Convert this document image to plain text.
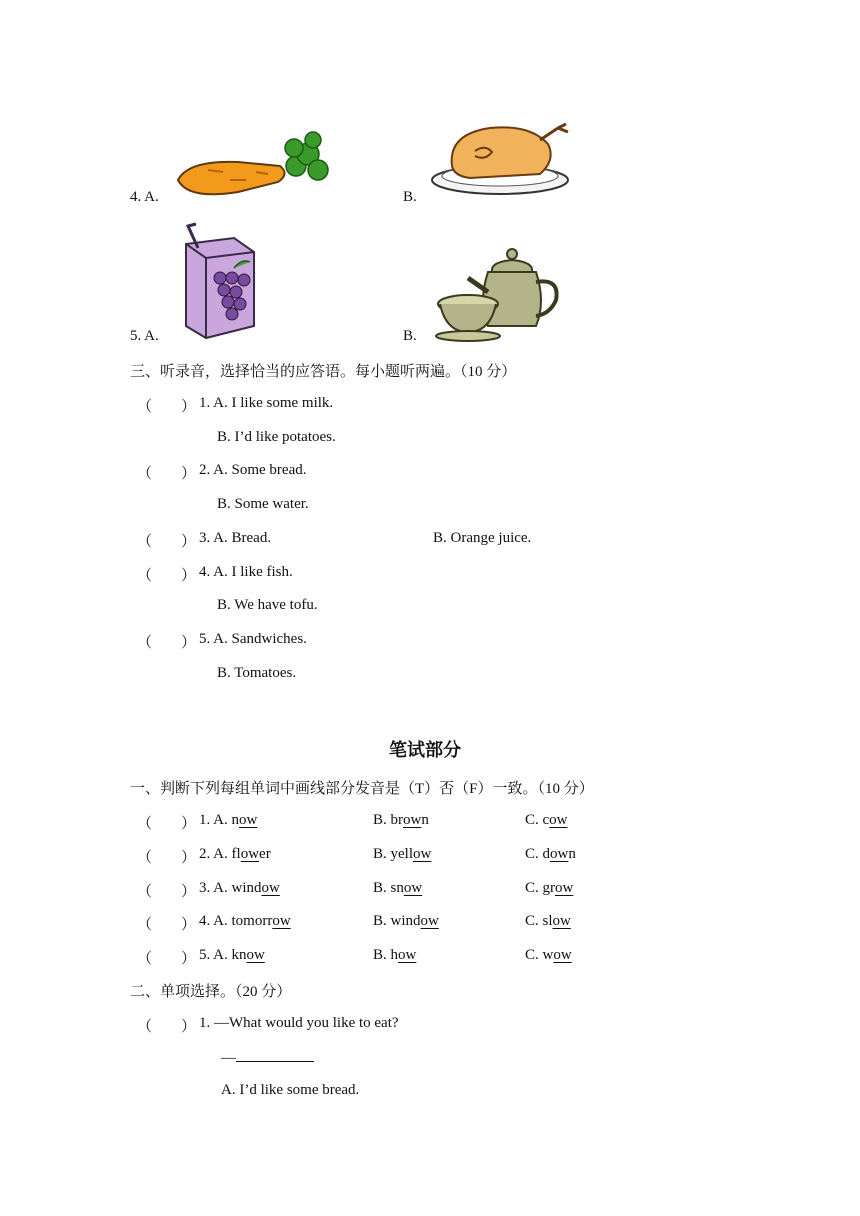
4. A.	B.
5. A.	B.
三、听录音，选择恰当的应答语。每小题听两遍。（10 分）
（ ） 1. A. I like some milk.
B. I’d like potatoes.
（ ） 2. A. Some bread.
B. Some water.
（ ） 3. A. Bread.	B. Orange juice.
（ ） 4. A. I like fish.
B. We have tofu.
（ ） 5. A. Sandwiches.
B. Tomatoes.
笔试部分
一、判断下列每组单词中画线部分发音是（T）否（F）一致。（10 分）
（ ） 1. A. now	B. brown	C. cow
（ ） 2. A. flower	B. yellow	C. down
（ ） 3. A. window	B. snow	C. grow
（ ） 4. A. tomorrow	B. window	C. slow
（ ） 5. A. know	B. how	C. wow
二、单项选择。（20 分）
（ ） 1. —What would you like to eat?
—
A. I’d like some bread.
